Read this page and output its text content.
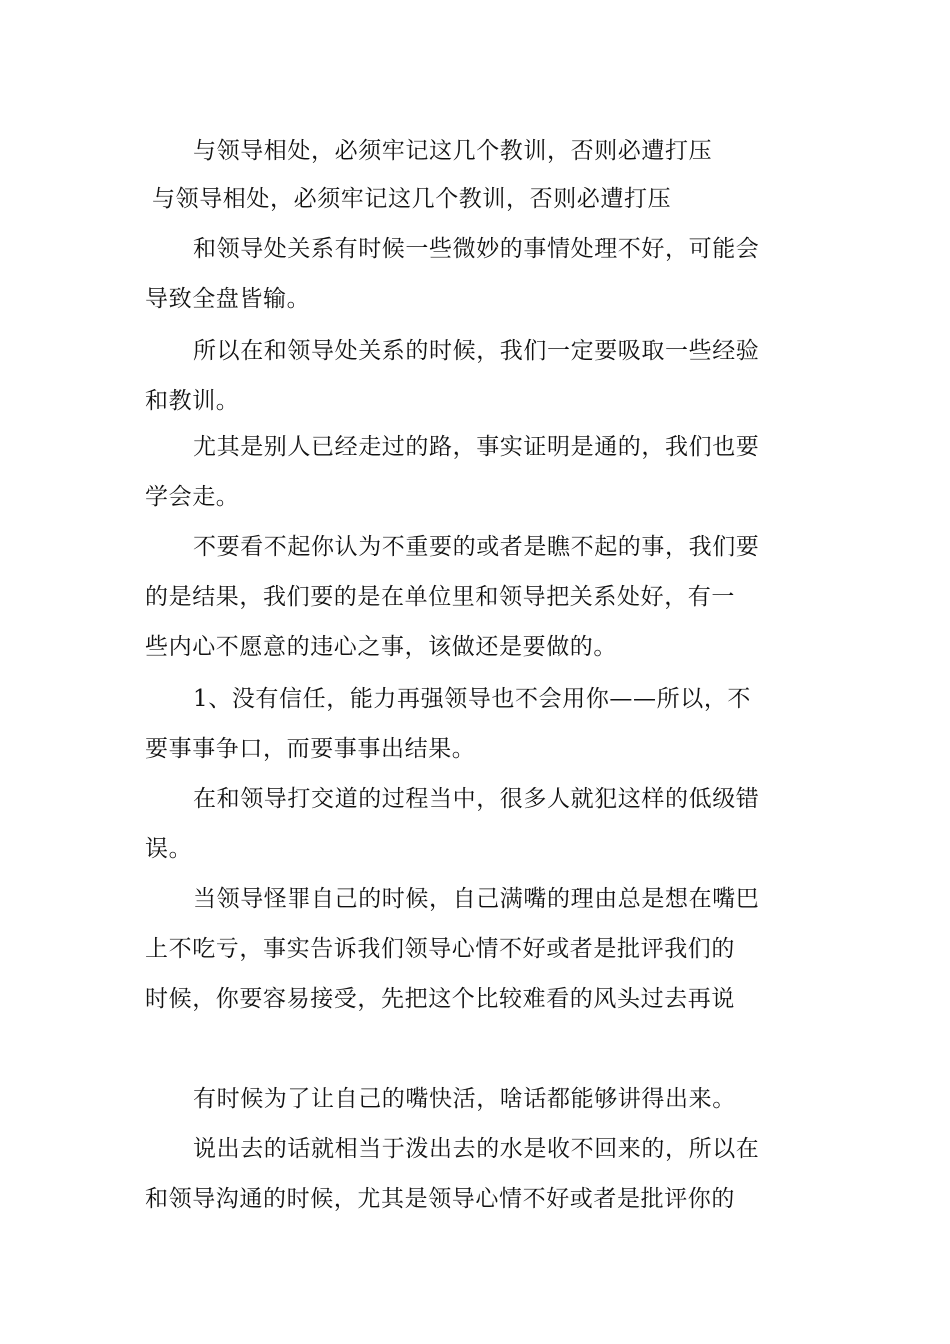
与领导相处，必须牢记这几个教训，否则必遭打压
与领导相处，必须牢记这几个教训，否则必遭打压
和领导处关系有时候一些微妙的事情处理不好，可能会
导致全盘皆输。
所以在和领导处关系的时候，我们一定要吸取一些经验
和教训。
尤其是别人已经走过的路，事实证明是通的，我们也要
学会走。
不要看不起你认为不重要的或者是瞧不起的事，我们要
的是结果，我们要的是在单位里和领导把关系处好，有一
些内心不愿意的违心之事，该做还是要做的。
1、没有信任，能力再强领导也不会用你——所以，不
要事事争口，而要事事出结果。
在和领导打交道的过程当中，很多人就犯这样的低级错
误。
当领导怪罪自己的时候，自己满嘴的理由总是想在嘴巴
上不吃亏，事实告诉我们领导心情不好或者是批评我们的
时候，你要容易接受，先把这个比较难看的风头过去再说
有时候为了让自己的嘴快活，啥话都能够讲得出来。
说出去的话就相当于泼出去的水是收不回来的，所以在
和领导沟通的时候，尤其是领导心情不好或者是批评你的
